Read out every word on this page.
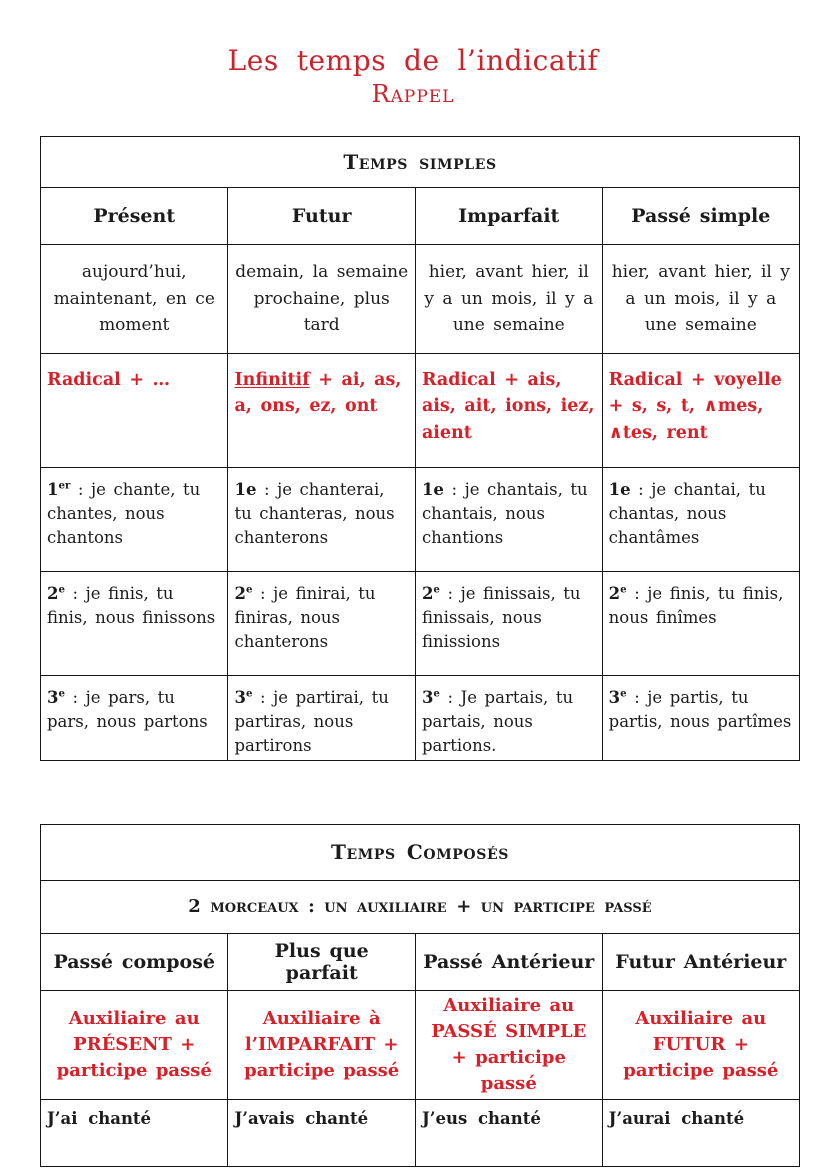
Les temps de l’indicatif
Rappel
Temps simples			
Présent	Futur	Imparfait	Passé simple
aujourd’hui, maintenant, en ce moment	demain, la semaine prochaine, plus tard	hier, avant hier, il y a un mois, il y a une semaine	hier, avant hier, il y a un mois, il y a une semaine
Radical + …	Infinitif + ai, as, a, ons, ez, ont	Radical + ais, ais, ait, ions, iez, aient	Radical + voyelle + s, s, t, ∧mes, ∧tes, rent
1er : je chante, tu chantes, nous chantons	1e : je chanterai, tu chanteras, nous chanterons	1e : je chantais, tu chantais, nous chantions	1e : je chantai, tu chantas, nous chantâmes
2e : je finis, tu finis, nous finissons	2e : je finirai, tu finiras, nous chanterons	2e : je finissais, tu finissais, nous finissions	2e : je finis, tu finis, nous finîmes
3e : je pars, tu pars, nous partons	3e : je partirai, tu partiras, nous partirons	3e : Je partais, tu partais, nous partions.	3e : je partis, tu partis, nous partîmes
Temps Composés			
2 morceaux : un auxiliaire + un participe passé			
Passé composé	Plus que parfait	Passé Antérieur	Futur Antérieur
Auxiliaire au PRÉSENT + participe passé	Auxiliaire à l’IMPARFAIT + participe passé	Auxiliaire au PASSÉ SIMPLE + participe passé	Auxiliaire au FUTUR + participe passé
J’ai chanté	J’avais chanté	J’eus chanté	J’aurai chanté
